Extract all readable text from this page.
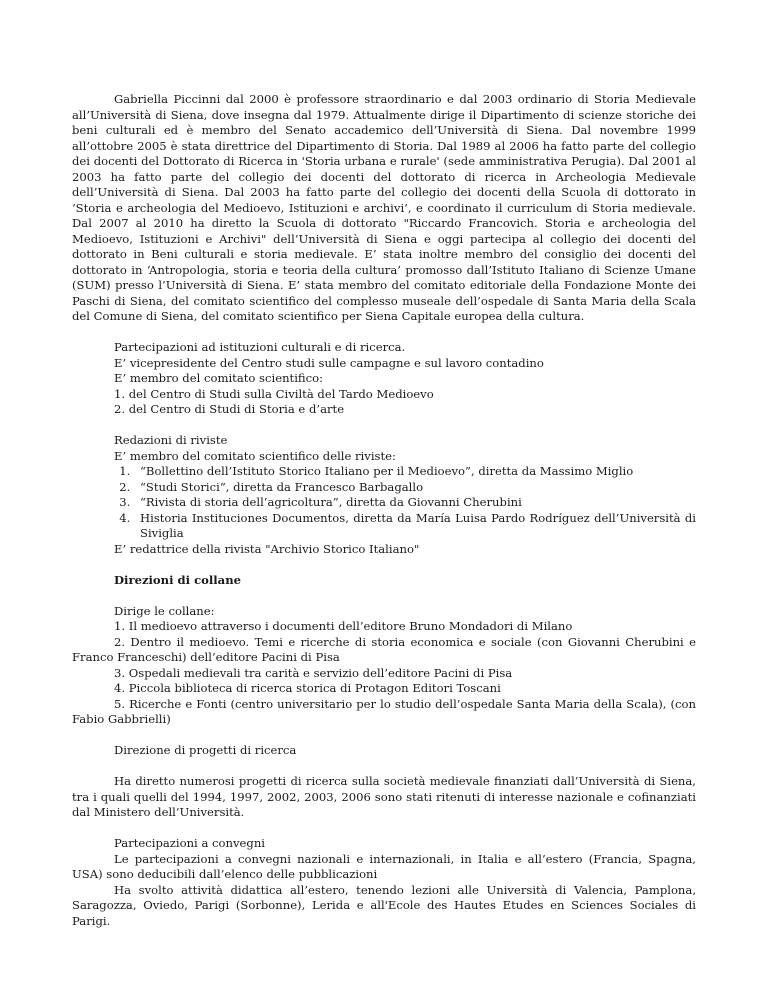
Gabriella Piccinni dal 2000 è professore straordinario e dal 2003 ordinario di Storia Medievale all’Università di Siena, dove insegna dal 1979. Attualmente dirige il Dipartimento di scienze storiche dei beni culturali ed è membro del Senato accademico dell’Università di Siena. Dal novembre 1999 all’ottobre 2005 è stata direttrice del Dipartimento di Storia. Dal 1989 al 2006 ha fatto parte del collegio dei docenti del Dottorato di Ricerca in 'Storia urbana e rurale' (sede amministrativa Perugia). Dal 2001 al 2003 ha fatto parte del collegio dei docenti del dottorato di ricerca in Archeologia Medievale dell’Università di Siena. Dal 2003 ha fatto parte del collegio dei docenti della Scuola di dottorato in ‘Storia e archeologia del Medioevo, Istituzioni e archivi’, e coordinato il curriculum di Storia medievale. Dal 2007 al 2010 ha diretto la Scuola di dottorato "Riccardo Francovich. Storia e archeologia del Medioevo, Istituzioni e Archivi" dell’Università di Siena e oggi partecipa al collegio dei docenti del dottorato in Beni culturali e storia medievale. E’ stata inoltre membro del consiglio dei docenti del dottorato in ‘Antropologia, storia e teoria della cultura’ promosso dall’Istituto Italiano di Scienze Umane (SUM) presso l’Università di Siena. E’ stata membro del comitato editoriale della Fondazione Monte dei Paschi di Siena, del comitato scientifico del complesso museale dell’ospedale di Santa Maria della Scala del Comune di Siena, del comitato scientifico per Siena Capitale europea della cultura.

Partecipazioni ad istituzioni culturali e di ricerca.

E’ vicepresidente del Centro studi sulle campagne e sul lavoro contadino

E’ membro del comitato scientifico:

1. del Centro di Studi sulla Civiltà del Tardo Medioevo

2. del Centro di Studi di Storia e d’arte

Redazioni di riviste

E’ membro del comitato scientifico delle riviste:

1. “Bollettino dell’Istituto Storico Italiano per il Medioevo”, diretta da Massimo Miglio
2. “Studi Storici”, diretta da Francesco Barbagallo
3. “Rivista di storia dell’agricoltura”, diretta da Giovanni Cherubini
4. Historia Instituciones Documentos, diretta da María Luisa Pardo Rodríguez dell’Università di Siviglia

E’ redattrice della rivista "Archivio Storico Italiano"

Direzioni di collane

Dirige le collane:

1. Il medioevo attraverso i documenti dell’editore Bruno Mondadori di Milano

2. Dentro il medioevo. Temi e ricerche di storia economica e sociale (con Giovanni Cherubini e Franco Franceschi) dell’editore Pacini di Pisa

3. Ospedali medievali tra carità e servizio dell’editore Pacini di Pisa

4. Piccola biblioteca di ricerca storica di Protagon Editori Toscani

5. Ricerche e Fonti (centro universitario per lo studio dell’ospedale Santa Maria della Scala), (con Fabio Gabbrielli)

Direzione di progetti di ricerca

Ha diretto numerosi progetti di ricerca sulla società medievale finanziati dall’Università di Siena, tra i quali quelli del 1994, 1997, 2002, 2003, 2006 sono stati ritenuti di interesse nazionale e cofinanziati dal Ministero dell’Università.

Partecipazioni a convegni

Le partecipazioni a convegni nazionali e internazionali, in Italia e all’estero (Francia, Spagna, USA) sono deducibili dall’elenco delle pubblicazioni

Ha svolto attività didattica all’estero, tenendo lezioni alle Università di Valencia, Pamplona, Saragozza, Oviedo, Parigi (Sorbonne), Lerida e all'Ecole des Hautes Etudes en Sciences Sociales di Parigi.
